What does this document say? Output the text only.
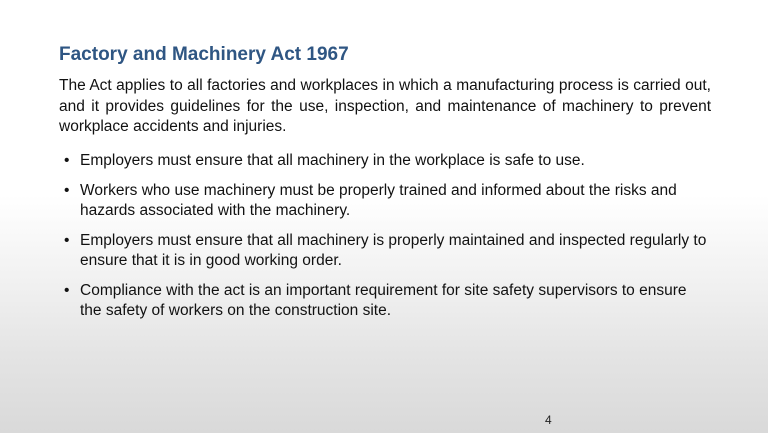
Factory and Machinery Act 1967
The Act applies to all factories and workplaces in which a manufacturing process is carried out, and it provides guidelines for the use, inspection, and maintenance of machinery to prevent workplace accidents and injuries.
• Employers must ensure that all machinery in the workplace is safe to use.
• Workers who use machinery must be properly trained and informed about the risks and hazards associated with the machinery.
• Employers must ensure that all machinery is properly maintained and inspected regularly to ensure that it is in good working order.
• Compliance with the act is an important requirement for site safety supervisors to ensure the safety of workers on the construction site.
4
